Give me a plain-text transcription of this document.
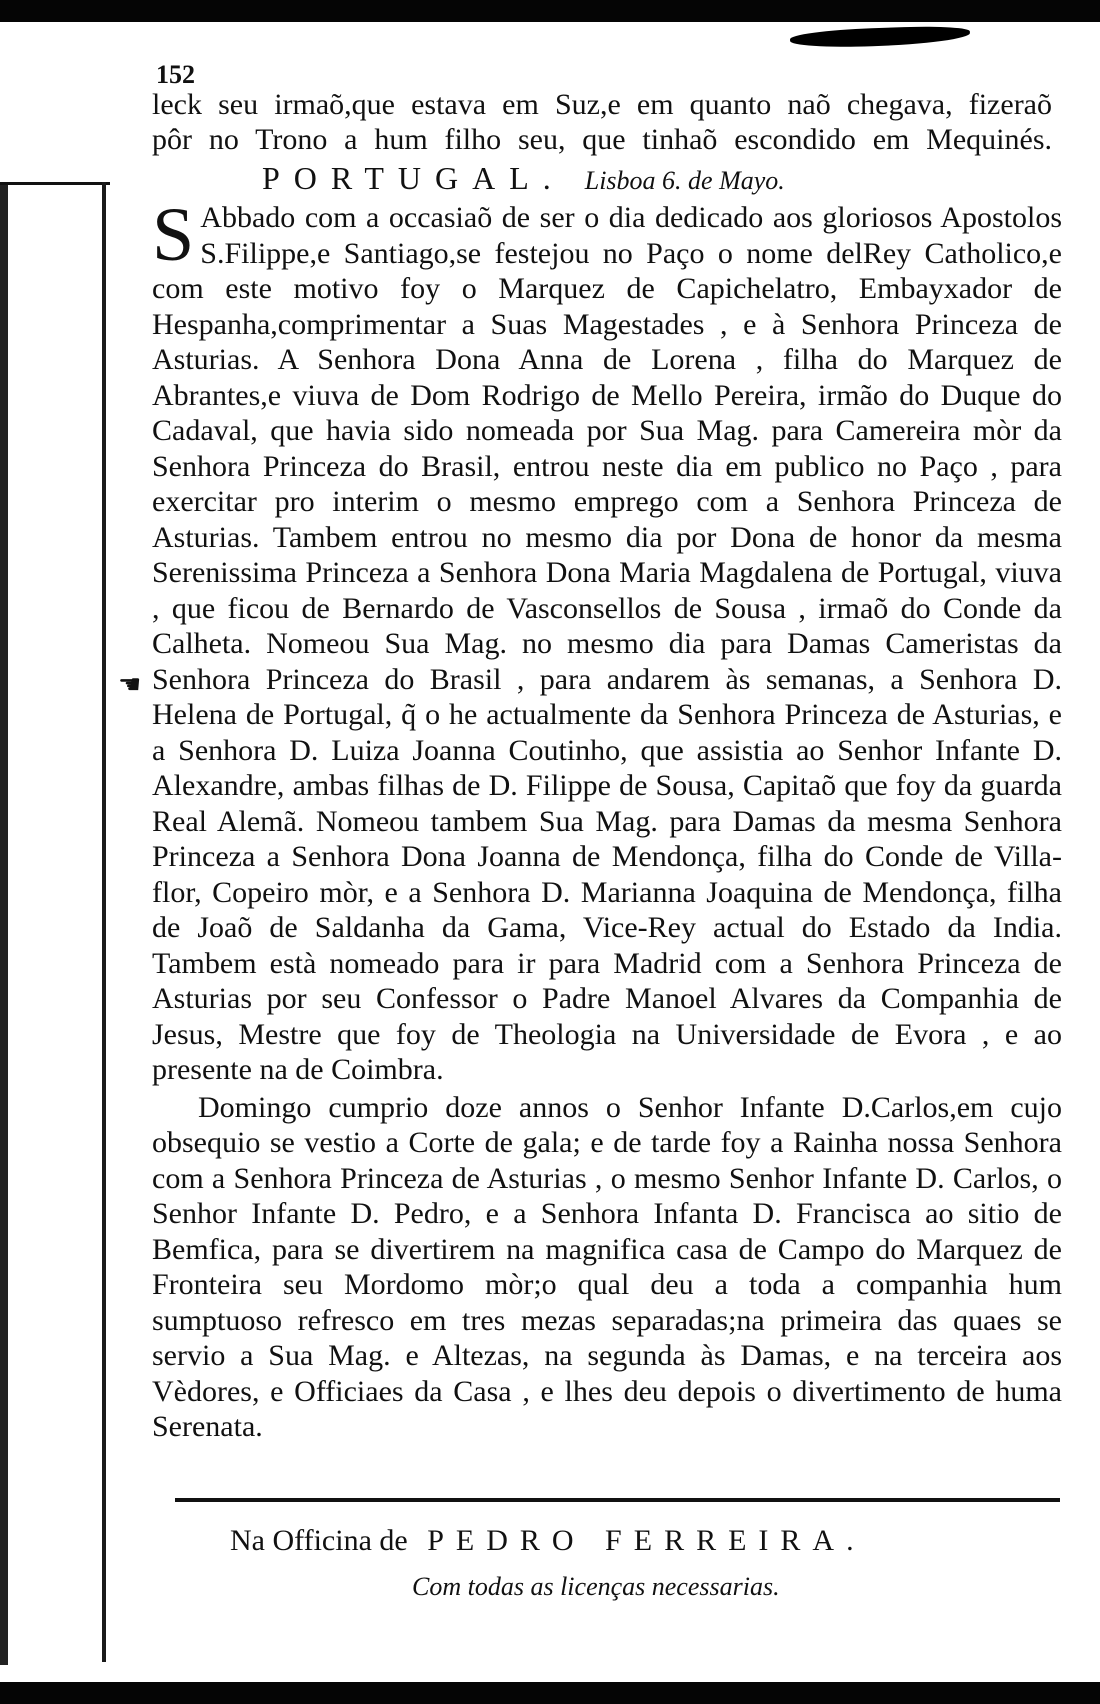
☚
152
leck seu irmaõ,que estava em Suz,e em quanto naõ chegava, fizeraõ
pôr no Trono a hum filho seu, que tinhaõ escondido em Mequinés.
PORTUGAL. Lisboa 6. de Mayo.

S Abbado com a occasiaõ de ser o dia dedicado aos gloriosos Apostolos S.Filippe,e Santiago,se festejou no Paço o nome delRey Catholico,e com este motivo foy o Marquez de Capichelatro, Embayxador de Hespanha,comprimentar a Suas Magestades , e à Senhora Princeza de Asturias. A Senhora Dona Anna de Lorena , filha do Marquez de Abrantes,e viuva de Dom Rodrigo de Mello Pereira, irmão do Duque do Cadaval, que havia sido nomeada por Sua Mag. para Camereira mòr da Senhora Princeza do Brasil, entrou neste dia em publico no Paço , para exercitar pro interim o mesmo emprego com a Senhora Princeza de Asturias. Tambem entrou no mesmo dia por Dona de honor da mesma Serenissima Princeza a Senhora Dona Maria Magdalena de Portugal, viuva , que ficou de Bernardo de Vasconsellos de Sousa , irmaõ do Conde da Calheta. Nomeou Sua Mag. no mesmo dia para Damas Cameristas da Senhora Princeza do Brasil , para andarem às semanas, a Senhora D. Helena de Portugal, q̃ o he actualmente da Senhora Princeza de Asturias, e a Senhora D. Luiza Joanna Coutinho, que assistia ao Senhor Infante D. Alexandre, ambas filhas de D. Filippe de Sousa, Capitaõ que foy da guarda Real Alemã. Nomeou tambem Sua Mag. para Damas da mesma Senhora Princeza a Senhora Dona Joanna de Mendonça, filha do Conde de Villa-flor, Copeiro mòr, e a Senhora D. Marianna Joaquina de Mendonça, filha de Joaõ de Saldanha da Gama, Vice-Rey actual do Estado da India. Tambem està nomeado para ir para Madrid com a Senhora Princeza de Asturias por seu Confessor o Padre Manoel Alvares da Companhia de Jesus, Mestre que foy de Theologia na Universidade de Evora , e ao presente na de Coimbra.

Domingo cumprio doze annos o Senhor Infante D.Carlos,em cujo obsequio se vestio a Corte de gala; e de tarde foy a Rainha nossa Senhora com a Senhora Princeza de Asturias , o mesmo Senhor Infante D. Carlos, o Senhor Infante D. Pedro, e a Senhora Infanta D. Francisca ao sitio de Bemfica, para se divertirem na magnifica casa de Campo do Marquez de Fronteira seu Mordomo mòr;o qual deu a toda a companhia hum sumptuoso refresco em tres mezas separadas;na primeira das quaes se servio a Sua Mag. e Altezas, na segunda às Damas, e na terceira aos Vèdores, e Officiaes da Casa , e lhes deu depois o divertimento de huma Serenata.

Na Officina de PEDRO FERREIRA.
Com todas as licenças necessarias.
